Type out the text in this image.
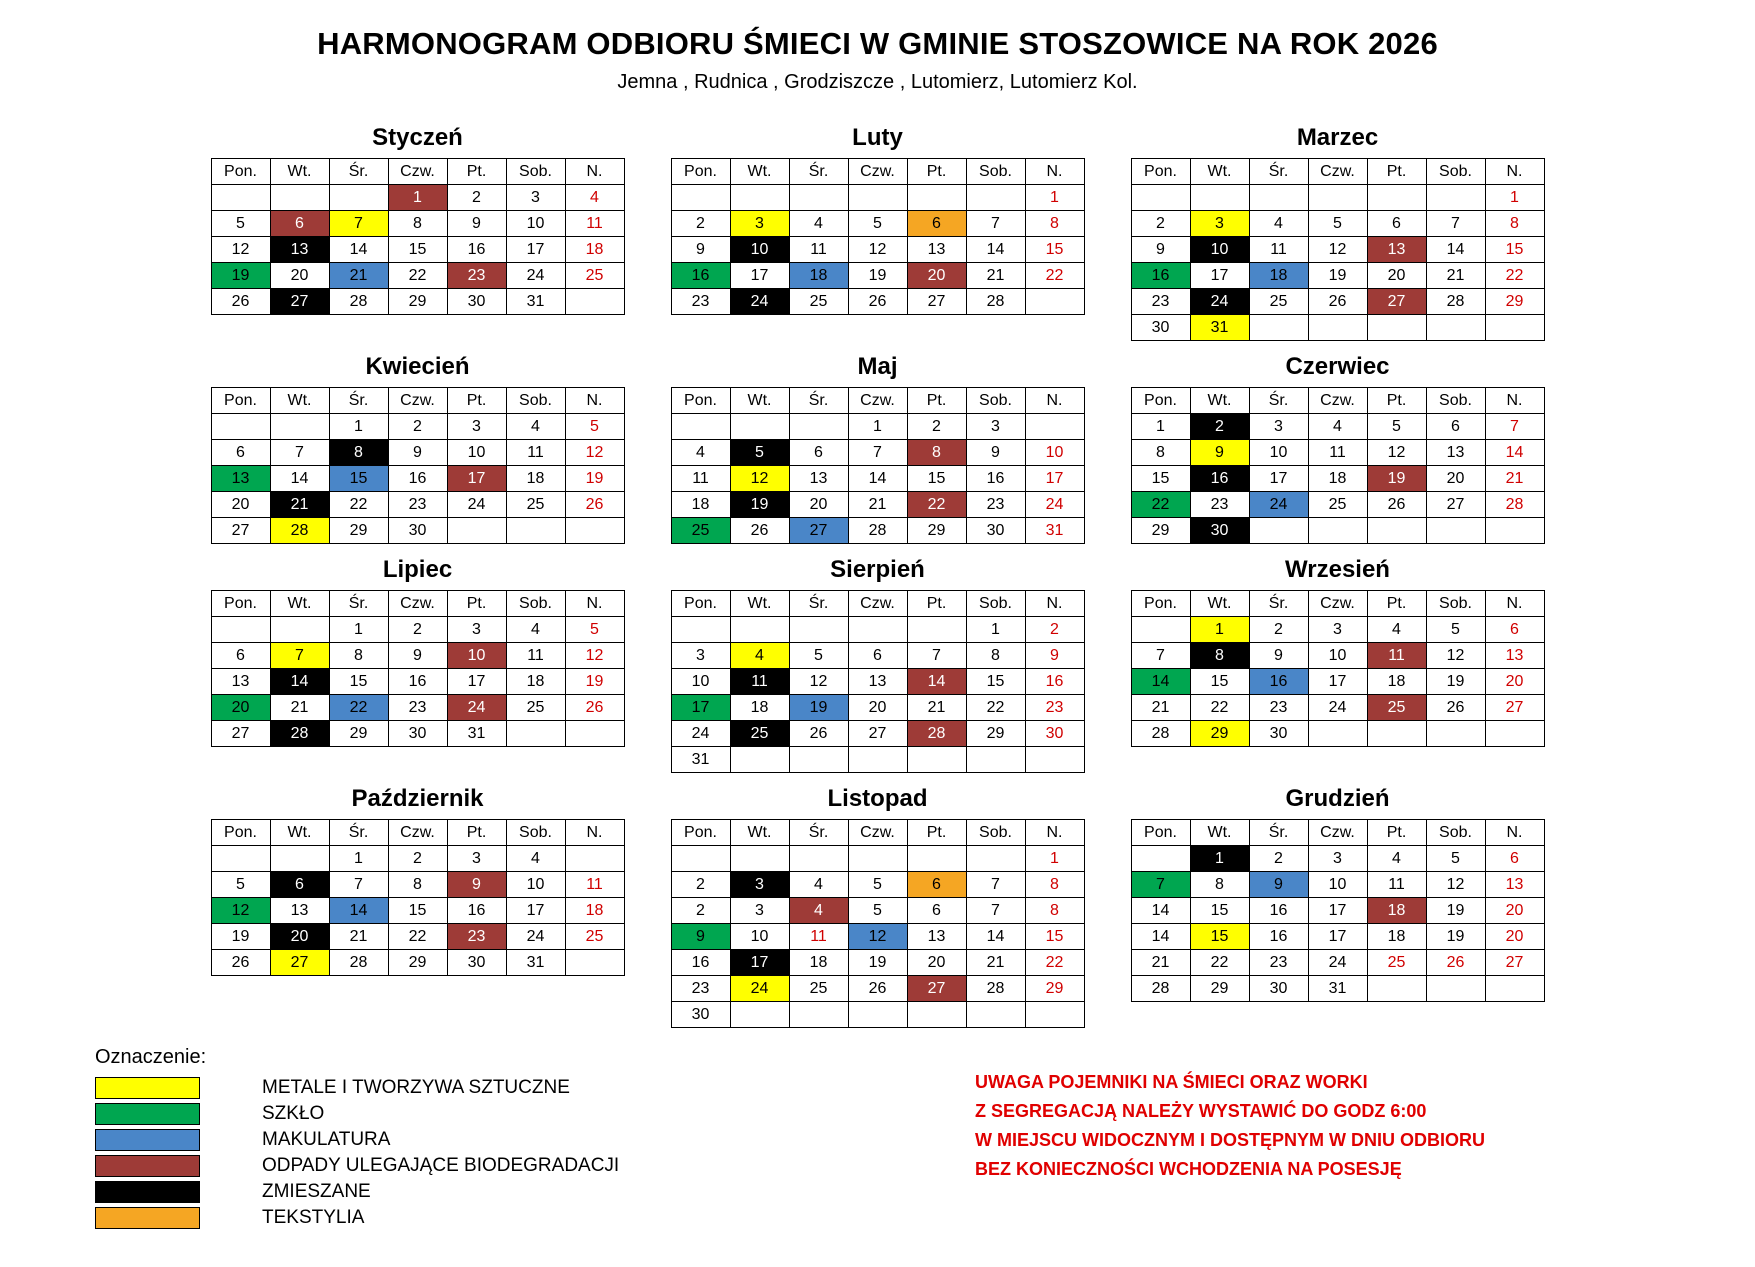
HARMONOGRAM ODBIORU ŚMIECI W GMINIE STOSZOWICE NA ROK 2026
Jemna , Rudnica , Grodziszcze , Lutomierz, Lutomierz Kol.
Styczeń
Pon.	Wt.	Śr.	Czw.	Pt.	Sob.	N.
			1	2	3	4
5	6	7	8	9	10	11
12	13	14	15	16	17	18
19	20	21	22	23	24	25
26	27	28	29	30	31	
Luty
Pon.	Wt.	Śr.	Czw.	Pt.	Sob.	N.
						1
2	3	4	5	6	7	8
9	10	11	12	13	14	15
16	17	18	19	20	21	22
23	24	25	26	27	28	
Marzec
Pon.	Wt.	Śr.	Czw.	Pt.	Sob.	N.
						1
2	3	4	5	6	7	8
9	10	11	12	13	14	15
16	17	18	19	20	21	22
23	24	25	26	27	28	29
30	31					
Kwiecień
Pon.	Wt.	Śr.	Czw.	Pt.	Sob.	N.
		1	2	3	4	5
6	7	8	9	10	11	12
13	14	15	16	17	18	19
20	21	22	23	24	25	26
27	28	29	30			
Maj
Pon.	Wt.	Śr.	Czw.	Pt.	Sob.	N.
			1	2	3	
4	5	6	7	8	9	10
11	12	13	14	15	16	17
18	19	20	21	22	23	24
25	26	27	28	29	30	31
Czerwiec
Pon.	Wt.	Śr.	Czw.	Pt.	Sob.	N.
1	2	3	4	5	6	7
8	9	10	11	12	13	14
15	16	17	18	19	20	21
22	23	24	25	26	27	28
29	30					
Lipiec
Pon.	Wt.	Śr.	Czw.	Pt.	Sob.	N.
		1	2	3	4	5
6	7	8	9	10	11	12
13	14	15	16	17	18	19
20	21	22	23	24	25	26
27	28	29	30	31		
Sierpień
Pon.	Wt.	Śr.	Czw.	Pt.	Sob.	N.
					1	2
3	4	5	6	7	8	9
10	11	12	13	14	15	16
17	18	19	20	21	22	23
24	25	26	27	28	29	30
31						
Wrzesień
Pon.	Wt.	Śr.	Czw.	Pt.	Sob.	N.
	1	2	3	4	5	6
7	8	9	10	11	12	13
14	15	16	17	18	19	20
21	22	23	24	25	26	27
28	29	30				
Październik
Pon.	Wt.	Śr.	Czw.	Pt.	Sob.	N.
		1	2	3	4	
5	6	7	8	9	10	11
12	13	14	15	16	17	18
19	20	21	22	23	24	25
26	27	28	29	30	31	
Listopad
Pon.	Wt.	Śr.	Czw.	Pt.	Sob.	N.
						1
2	3	4	5	6	7	8
2	3	4	5	6	7	8
9	10	11	12	13	14	15
16	17	18	19	20	21	22
23	24	25	26	27	28	29
30						
Grudzień
Pon.	Wt.	Śr.	Czw.	Pt.	Sob.	N.
	1	2	3	4	5	6
7	8	9	10	11	12	13
14	15	16	17	18	19	20
14	15	16	17	18	19	20
21	22	23	24	25	26	27
28	29	30	31			
Oznaczenie:
METALE I TWORZYWA SZTUCZNE
SZKŁO
MAKULATURA
ODPADY ULEGAJĄCE BIODEGRADACJI
ZMIESZANE
TEKSTYLIA
UWAGA POJEMNIKI NA ŚMIECI ORAZ WORKI
Z SEGREGACJĄ NALEŻY WYSTAWIĆ DO GODZ 6:00
W MIEJSCU WIDOCZNYM I DOSTĘPNYM W DNIU ODBIORU
BEZ KONIECZNOŚCI WCHODZENIA NA POSESJĘ
